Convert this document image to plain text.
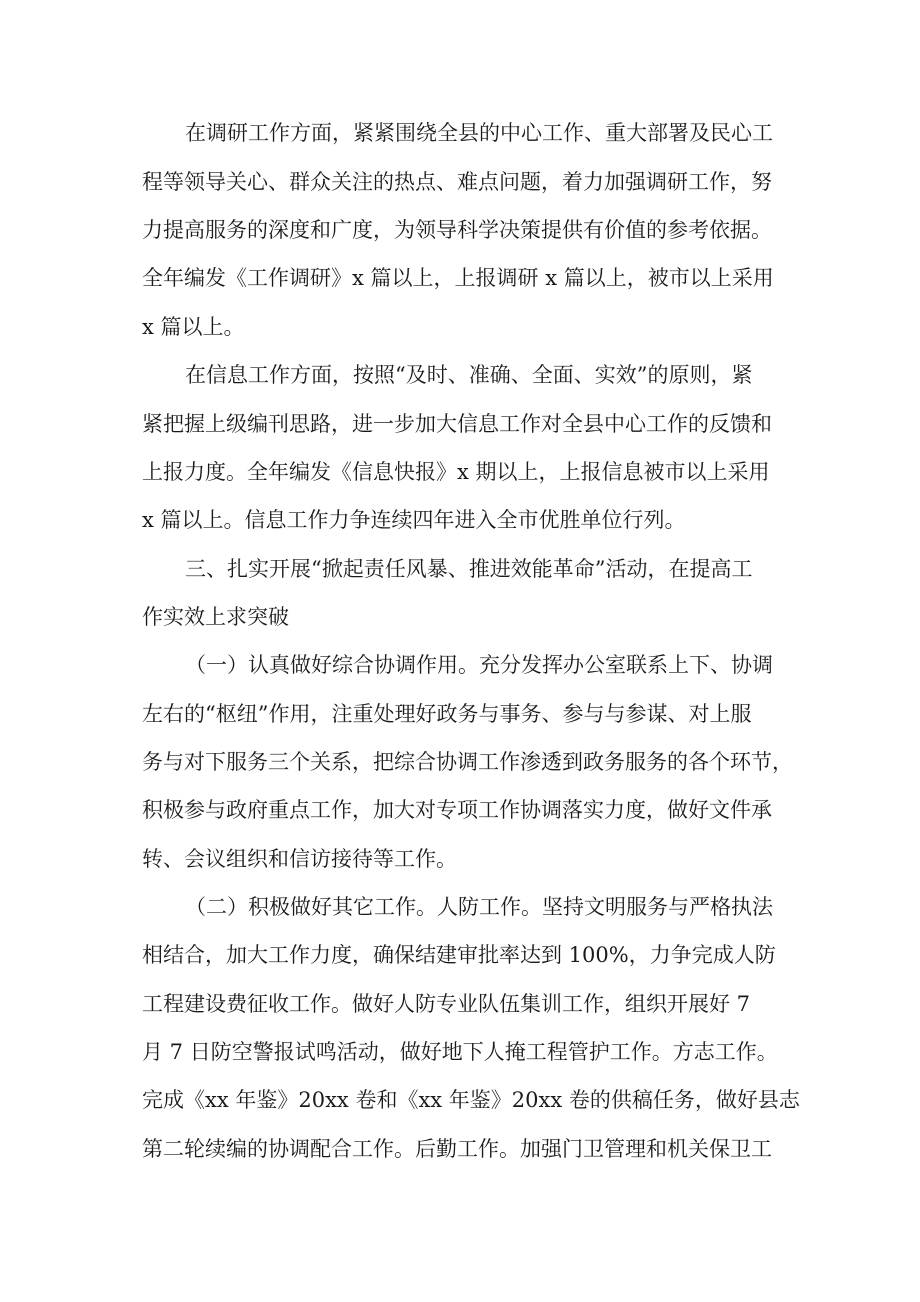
在调研工作方面，紧紧围绕全县的中心工作、重大部署及民心工
程等领导关心、群众关注的热点、难点问题，着力加强调研工作，努
力提高服务的深度和广度，为领导科学决策提供有价值的参考依据。
全年编发《工作调研》x 篇以上，上报调研 x 篇以上，被市以上采用
x 篇以上。
在信息工作方面，按照“及时、准确、全面、实效”的原则，紧
紧把握上级编刊思路，进一步加大信息工作对全县中心工作的反馈和
上报力度。全年编发《信息快报》x 期以上，上报信息被市以上采用
x 篇以上。信息工作力争连续四年进入全市优胜单位行列。
三、扎实开展“掀起责任风暴、推进效能革命”活动，在提高工
作实效上求突破
（一）认真做好综合协调作用。充分发挥办公室联系上下、协调
左右的“枢纽”作用，注重处理好政务与事务、参与与参谋、对上服
务与对下服务三个关系，把综合协调工作渗透到政务服务的各个环节，
积极参与政府重点工作，加大对专项工作协调落实力度，做好文件承
转、会议组织和信访接待等工作。
（二）积极做好其它工作。人防工作。坚持文明服务与严格执法
相结合，加大工作力度，确保结建审批率达到 100%，力争完成人防
工程建设费征收工作。做好人防专业队伍集训工作，组织开展好 7
月 7 日防空警报试鸣活动，做好地下人掩工程管护工作。方志工作。
完成《xx 年鉴》20xx 卷和《xx 年鉴》20xx 卷的供稿任务，做好县志
第二轮续编的协调配合工作。后勤工作。加强门卫管理和机关保卫工
